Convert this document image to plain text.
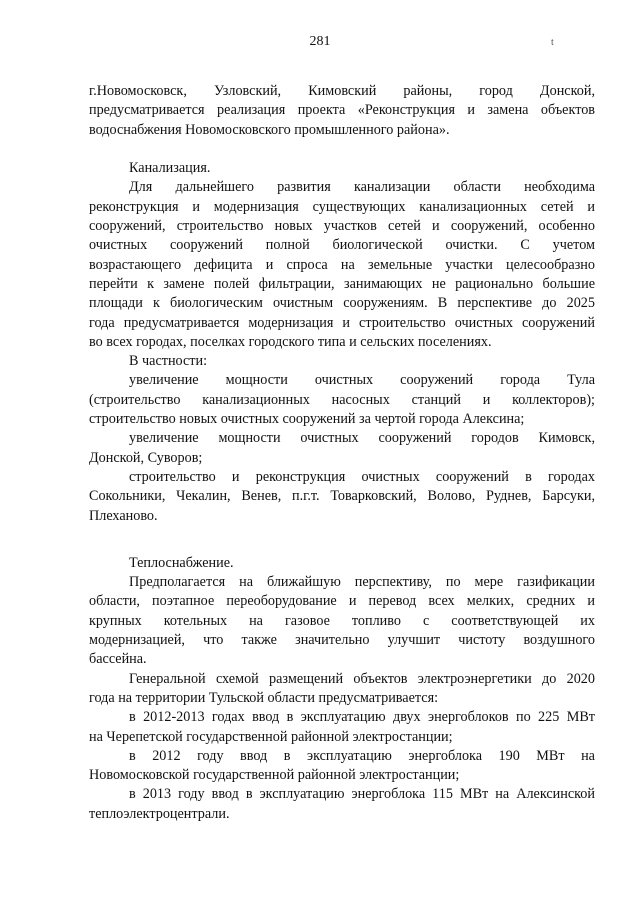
281	t
г.Новомосковск, Узловский, Кимовский районы, город Донской,
предусматривается реализация проекта «Реконструкция и замена объектов
водоснабжения Новомосковского промышленного района».
Канализация.
Для дальнейшего развития канализации области необходима
реконструкция и модернизация существующих канализационных сетей и
сооружений, строительство новых участков сетей и сооружений, особенно
очистных сооружений полной биологической очистки. С учетом
возрастающего дефицита и спроса на земельные участки целесообразно
перейти к замене полей фильтрации, занимающих не рационально большие
площади к биологическим очистным сооружениям. В перспективе до 2025
года предусматривается модернизация и строительство очистных сооружений
во всех городах, поселках городского типа и сельских поселениях.
В частности:
увеличение мощности очистных сооружений города Тула
(строительство канализационных насосных станций и коллекторов);
строительство новых очистных сооружений за чертой города Алексина;
увеличение мощности очистных сооружений городов Кимовск,
Донской, Суворов;
строительство и реконструкция очистных сооружений в городах
Сокольники, Чекалин, Венев, п.г.т. Товарковский, Волово, Руднев, Барсуки,
Плеханово.
Теплоснабжение.
Предполагается на ближайшую перспективу, по мере газификации
области, поэтапное переоборудование и перевод всех мелких, средних и
крупных котельных на газовое топливо с соответствующей их
модернизацией, что также значительно улучшит чистоту воздушного
бассейна.
Генеральной схемой размещений объектов электроэнергетики до 2020
года на территории Тульской области предусматривается:
в 2012-2013 годах ввод в эксплуатацию двух энергоблоков по 225 МВт
на Черепетской государственной районной электростанции;
в 2012 году ввод в эксплуатацию энергоблока 190 МВт на
Новомосковской государственной районной электростанции;
в 2013 году ввод в эксплуатацию энергоблока 115 МВт на Алексинской
теплоэлектроцентрали.
